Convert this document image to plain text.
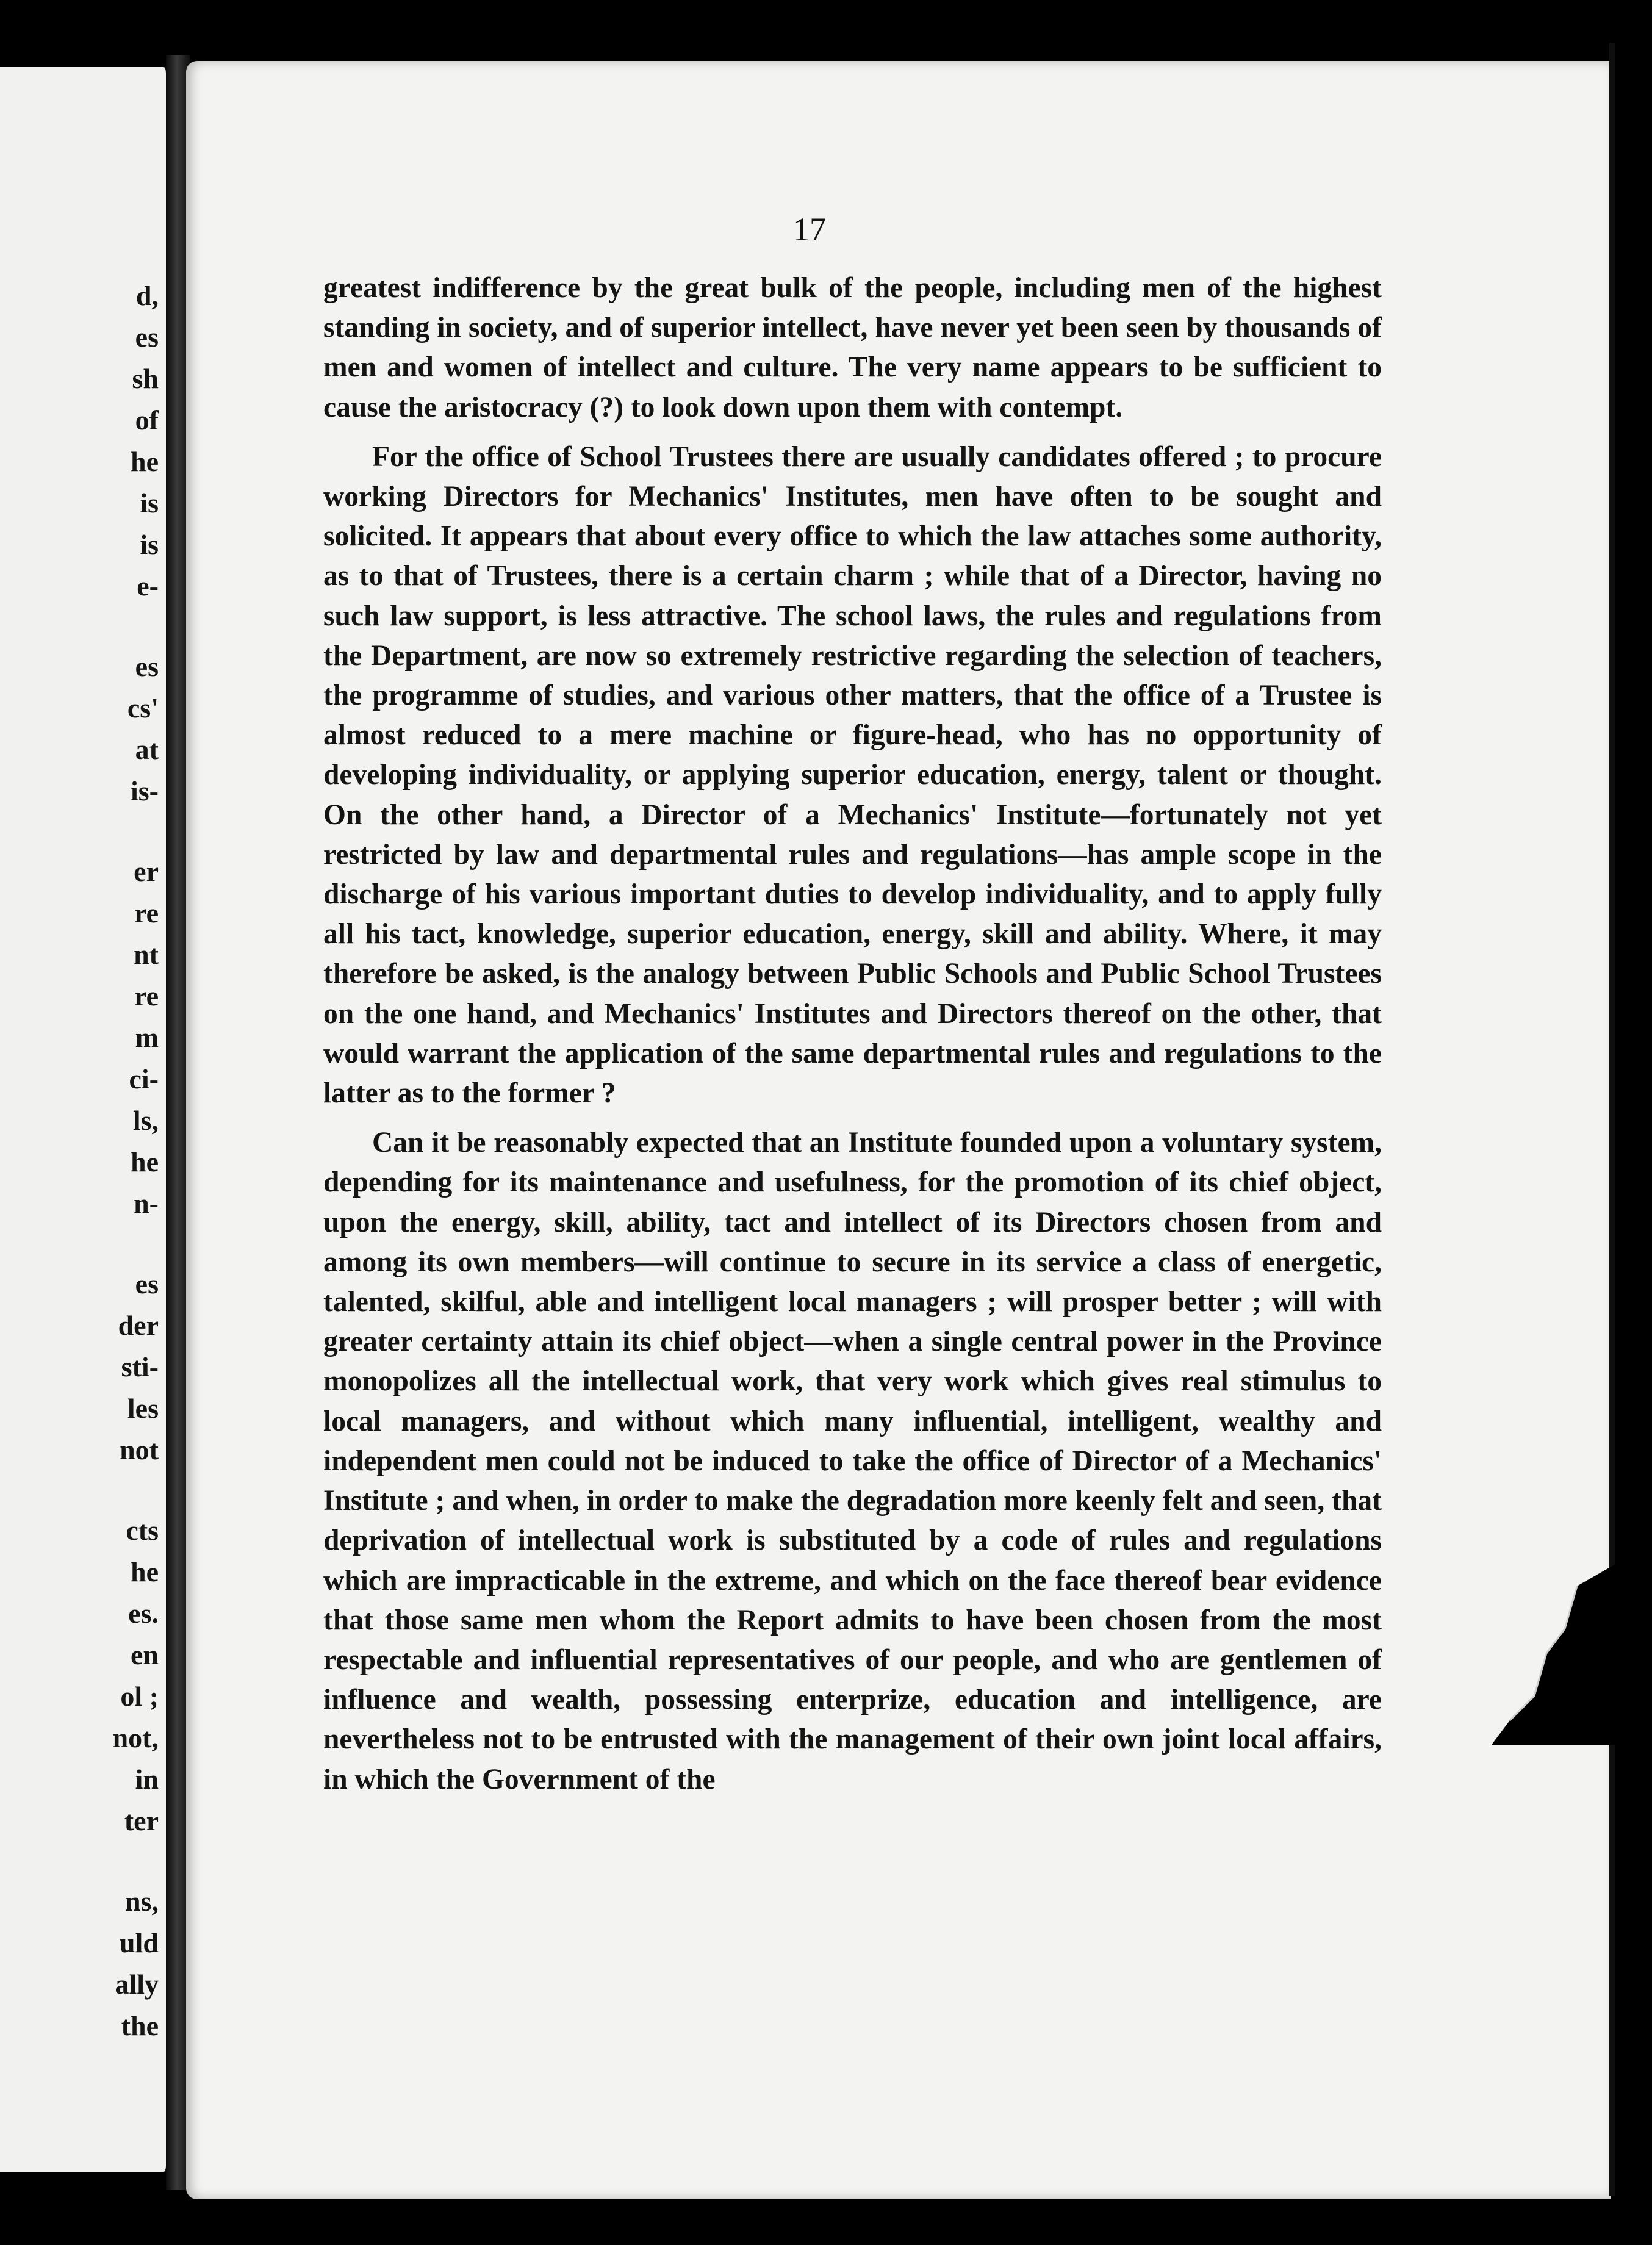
d,
es
sh
of
he
is
is
e-
es
cs'
at
is-
er
re
nt
re
m
ci-
ls,
he
n-
es
der
sti-
les
not
cts
he
es.
en
ol ;
not,
in
ter
ns,
uld
ally
the
17

greatest indifference by the great bulk of the people, including men of the highest standing in society, and of superior intellect, have never yet been seen by thousands of men and women of intellect and culture. The very name appears to be sufficient to cause the aristocracy (?) to look down upon them with contempt.

For the office of School Trustees there are usually candidates offered ; to procure working Directors for Mechanics' Institutes, men have often to be sought and solicited. It appears that about every office to which the law attaches some authority, as to that of Trustees, there is a certain charm ; while that of a Director, having no such law support, is less attractive. The school laws, the rules and regulations from the Department, are now so extremely restrictive regarding the selection of teachers, the programme of studies, and various other matters, that the office of a Trustee is almost reduced to a mere machine or figure-head, who has no opportunity of developing individuality, or applying superior education, energy, talent or thought. On the other hand, a Director of a Mechanics' Institute—fortunately not yet restricted by law and departmental rules and regulations—has ample scope in the discharge of his various important duties to develop individuality, and to apply fully all his tact, knowledge, superior education, energy, skill and ability. Where, it may therefore be asked, is the analogy between Public Schools and Public School Trustees on the one hand, and Mechanics' Institutes and Directors thereof on the other, that would warrant the application of the same departmental rules and regulations to the latter as to the former ?

Can it be reasonably expected that an Institute founded upon a voluntary system, depending for its maintenance and usefulness, for the promotion of its chief object, upon the energy, skill, ability, tact and intellect of its Directors chosen from and among its own members—will continue to secure in its service a class of energetic, talented, skilful, able and intelligent local managers ; will prosper better ; will with greater certainty attain its chief object—when a single central power in the Province monopolizes all the intellectual work, that very work which gives real stimulus to local managers, and without which many influential, intelligent, wealthy and independent men could not be induced to take the office of Director of a Mechanics' Institute ; and when, in order to make the degradation more keenly felt and seen, that deprivation of intellectual work is substituted by a code of rules and regulations which are impracticable in the extreme, and which on the face thereof bear evidence that those same men whom the Report admits to have been chosen from the most respectable and influential representatives of our people, and who are gentlemen of influence and wealth, possessing enterprize, education and intelligence, are nevertheless not to be entrusted with the management of their own joint local affairs, in which the Government of the
